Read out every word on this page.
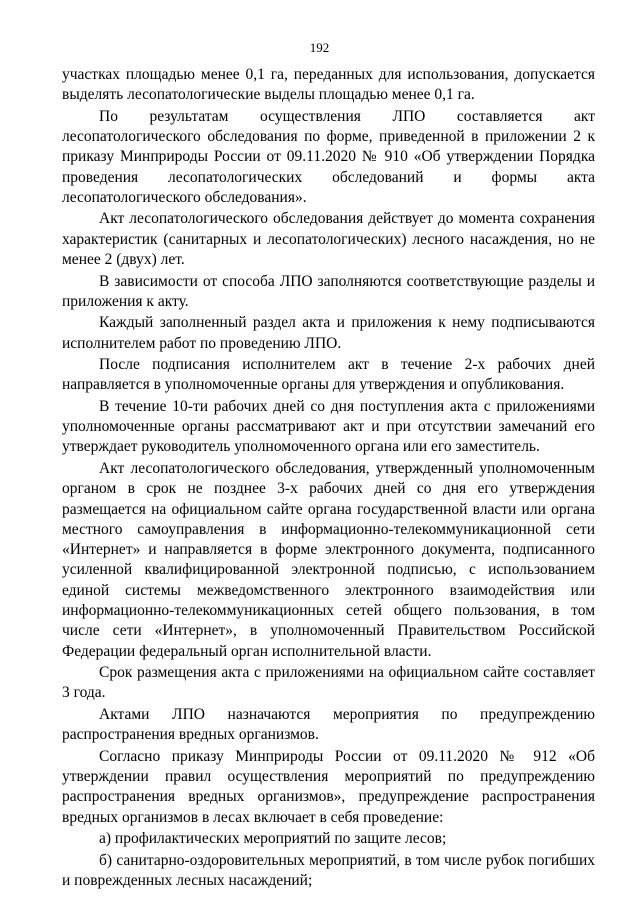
192

участках площадью менее 0,1 га, переданных для использования, допускается выделять лесопатологические выделы площадью менее 0,1 га.

По результатам осуществления ЛПО составляется акт лесопатологического обследования по форме, приведенной в приложении 2 к приказу Минприроды России от 09.11.2020 № 910 «Об утверждении Порядка проведения лесопатологических обследований и формы акта лесопатологического обследования».

Акт лесопатологического обследования действует до момента сохранения характеристик (санитарных и лесопатологических) лесного насаждения, но не менее 2 (двух) лет.

В зависимости от способа ЛПО заполняются соответствующие разделы и приложения к акту.

Каждый заполненный раздел акта и приложения к нему подписываются исполнителем работ по проведению ЛПО.

После подписания исполнителем акт в течение 2-х рабочих дней направляется в уполномоченные органы для утверждения и опубликования.

В течение 10-ти рабочих дней со дня поступления акта с приложениями уполномоченные органы рассматривают акт и при отсутствии замечаний его утверждает руководитель уполномоченного органа или его заместитель.

Акт лесопатологического обследования, утвержденный уполномоченным органом в срок не позднее 3-х рабочих дней со дня его утверждения размещается на официальном сайте органа государственной власти или органа местного самоуправления в информационно-телекоммуникационной сети «Интернет» и направляется в форме электронного документа, подписанного усиленной квалифицированной электронной подписью, с использованием единой системы межведомственного электронного взаимодействия или информационно-телекоммуникационных сетей общего пользования, в том числе сети «Интернет», в уполномоченный Правительством Российской Федерации федеральный орган исполнительной власти.

Срок размещения акта с приложениями на официальном сайте составляет 3 года.

Актами ЛПО назначаются мероприятия по предупреждению распространения вредных организмов.

Согласно приказу Минприроды России от 09.11.2020 № 912 «Об утверждении правил осуществления мероприятий по предупреждению распространения вредных организмов», предупреждение распространения вредных организмов в лесах включает в себя проведение:

а) профилактических мероприятий по защите лесов;

б) санитарно-оздоровительных мероприятий, в том числе рубок погибших и поврежденных лесных насаждений;
